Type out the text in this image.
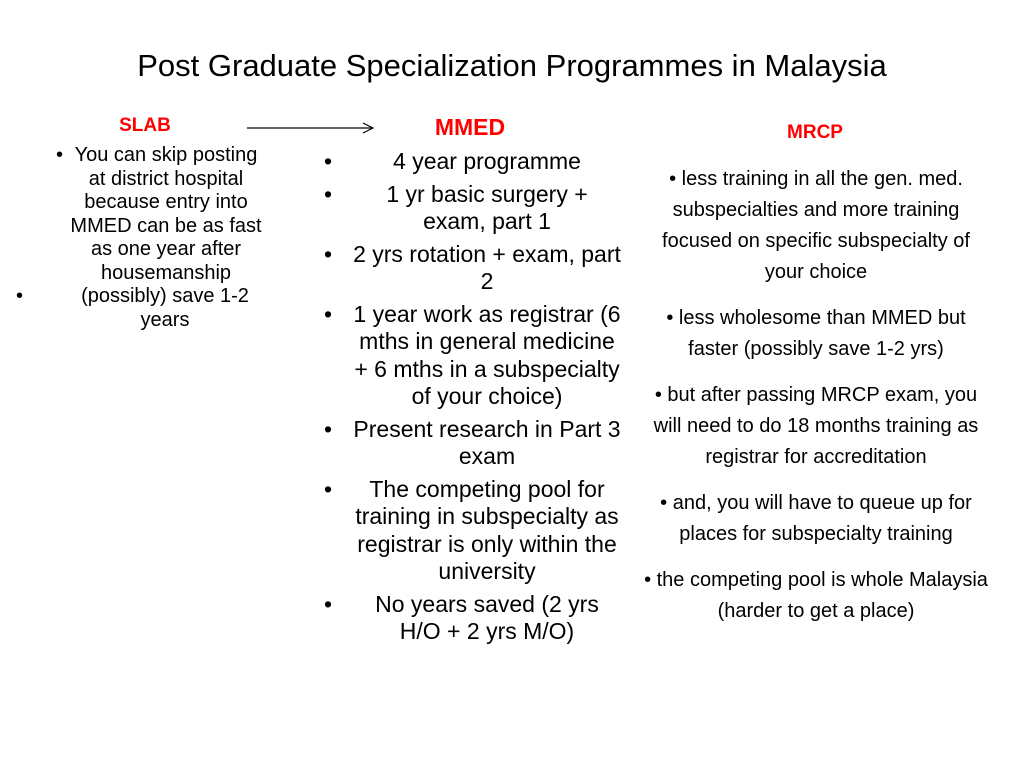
Post Graduate Specialization Programmes in Malaysia
SLAB
• You can skip posting at district hospital because entry into MMED can be as fast as one year after housemanship
•	(possibly) save 1-2 years
MMED
•	4 year programme
• 1 yr basic surgery + exam, part 1
• 2 yrs rotation + exam, part 2
• 1 year work as registrar (6 mths in general medicine + 6 mths in a subspecialty of your choice)
• Present research in Part 3 exam
• The competing pool for training in subspecialty as registrar is only within the university
• No years saved (2 yrs H/O + 2 yrs M/O)
MRCP

• less training in all the gen. med. subspecialties and more training focused on specific subspecialty of your choice

• less wholesome than MMED but faster (possibly save 1-2 yrs)

• but after passing MRCP exam, you will need to do 18 months training as registrar for accreditation

• and, you will have to queue up for places for subspecialty training

• the competing pool is whole Malaysia (harder to get a place)
